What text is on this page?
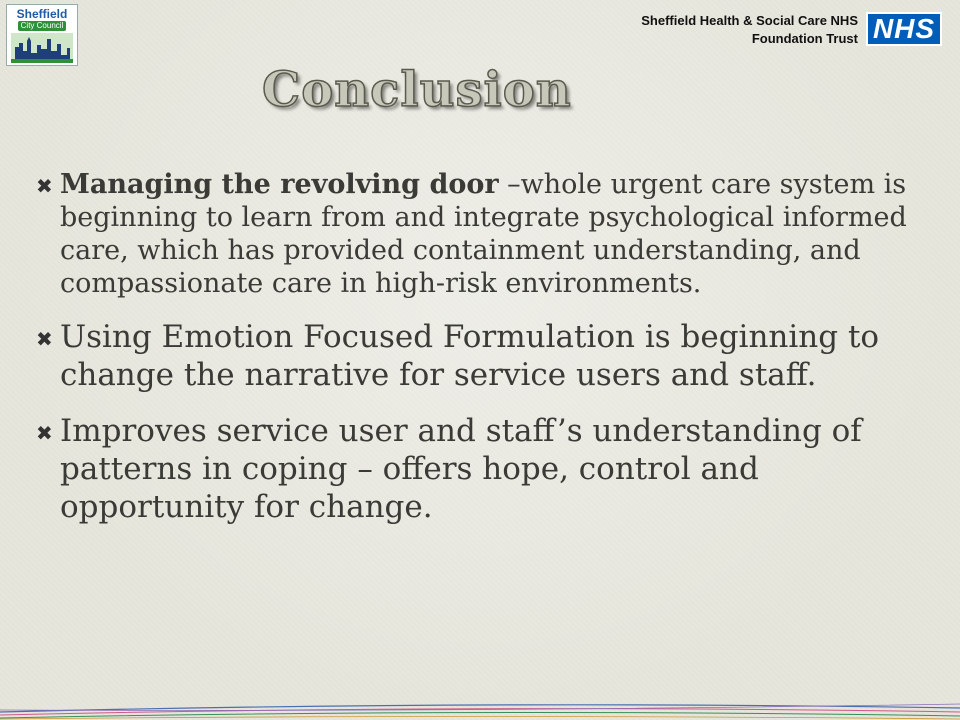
Sheffield
City Council	Sheffield Health & Social Care NHS
Foundation Trust NHS
Conclusion
✖ Managing the revolving door –whole urgent care system is beginning to learn from and integrate psychological informed care, which has provided containment understanding, and compassionate care in high-risk environments.
✖ Using Emotion Focused Formulation is beginning to change the narrative for service users and staff.
✖ Improves service user and staff’s understanding of patterns in coping – offers hope, control and opportunity for change.
